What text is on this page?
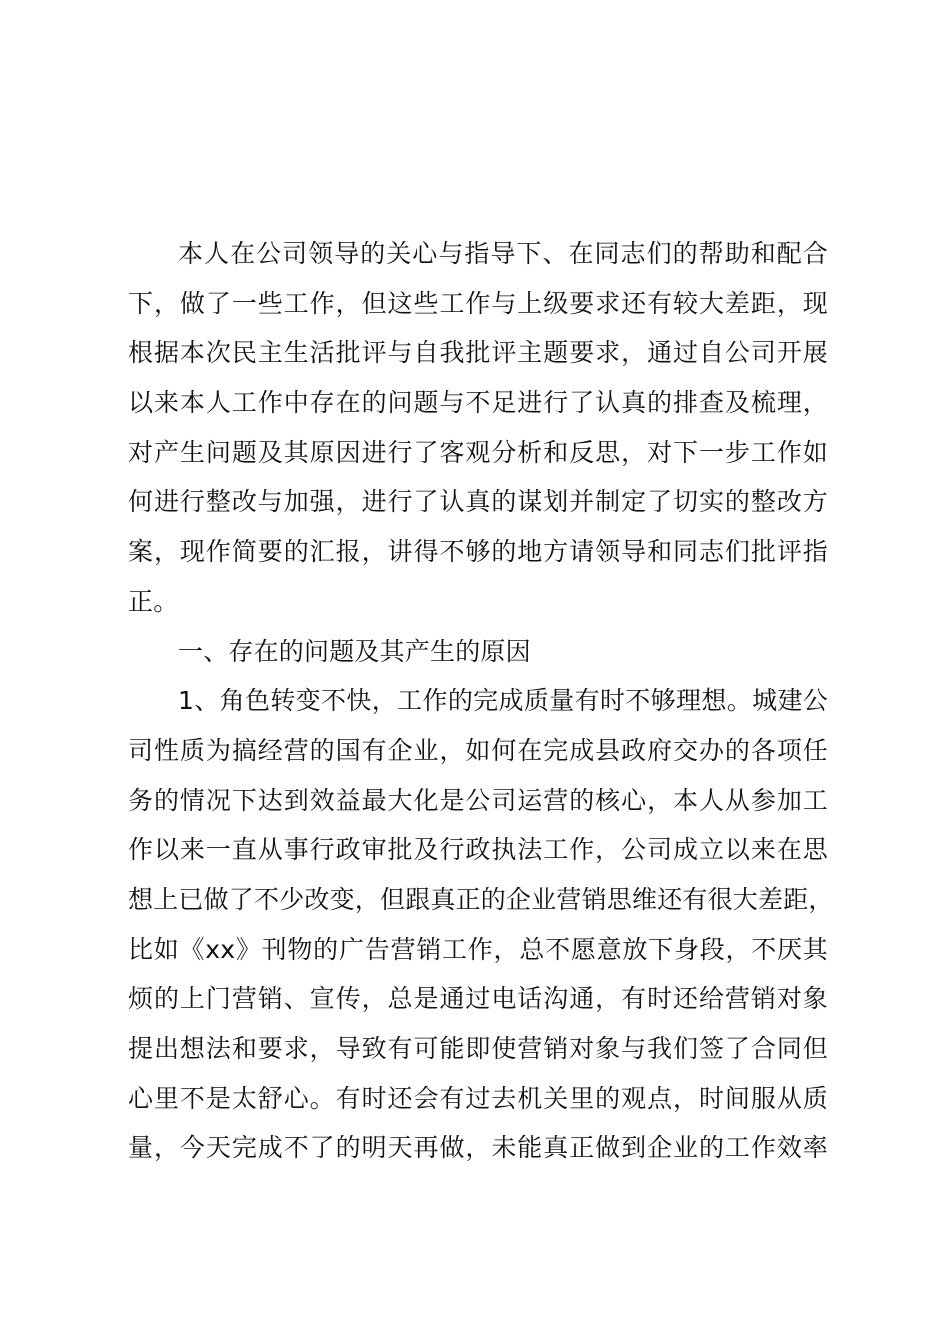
本人在公司领导的关心与指导下、在同志们的帮助和配合
下，做了一些工作，但这些工作与上级要求还有较大差距，现
根据本次民主生活批评与自我批评主题要求，通过自公司开展
以来本人工作中存在的问题与不足进行了认真的排查及梳理，
对产生问题及其原因进行了客观分析和反思，对下一步工作如
何进行整改与加强，进行了认真的谋划并制定了切实的整改方
案，现作简要的汇报，讲得不够的地方请领导和同志们批评指
正。
一、存在的问题及其产生的原因
1、角色转变不快，工作的完成质量有时不够理想。城建公
司性质为搞经营的国有企业，如何在完成县政府交办的各项任
务的情况下达到效益最大化是公司运营的核心，本人从参加工
作以来一直从事行政审批及行政执法工作，公司成立以来在思
想上已做了不少改变，但跟真正的企业营销思维还有很大差距，
比如《xx》刊物的广告营销工作，总不愿意放下身段，不厌其
烦的上门营销、宣传，总是通过电话沟通，有时还给营销对象
提出想法和要求，导致有可能即使营销对象与我们签了合同但
心里不是太舒心。有时还会有过去机关里的观点，时间服从质
量，今天完成不了的明天再做，未能真正做到企业的工作效率
